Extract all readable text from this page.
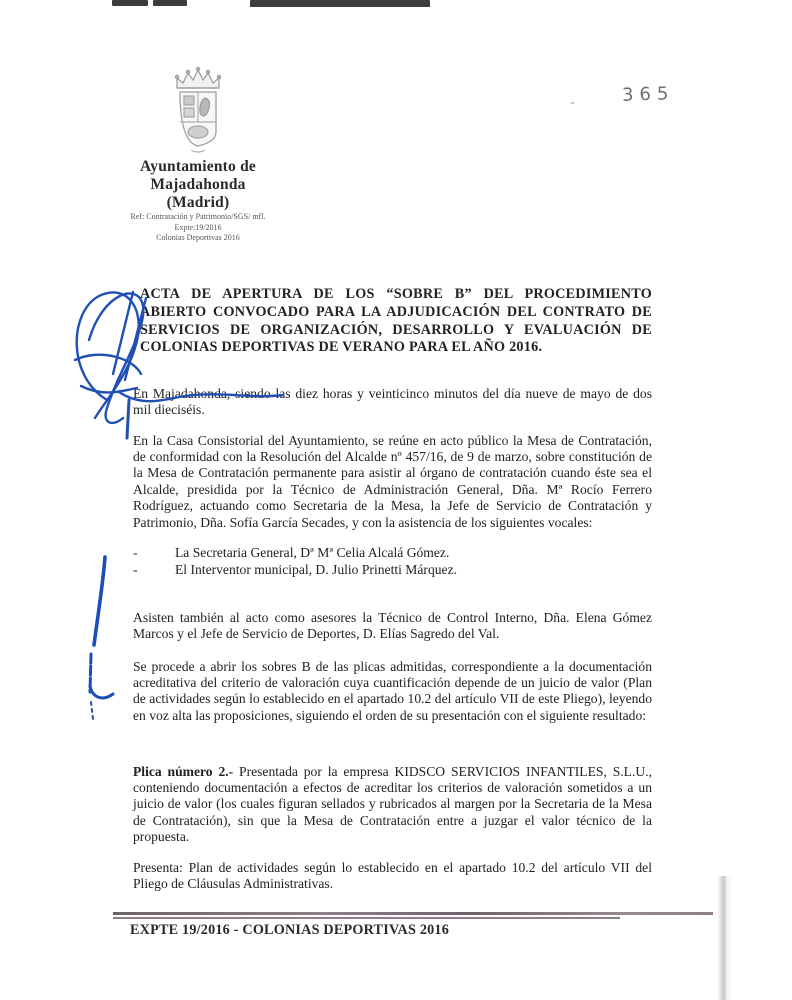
-	365
Ayuntamiento de
Majadahonda
(Madrid)
Ref: Contratación y Patrimonio/SGS/ mfl.
Expte:19/2016
Colonias Deportivas 2016
ACTA DE APERTURA DE LOS “SOBRE B” DEL PROCEDIMIENTO ABIERTO CONVOCADO PARA LA ADJUDICACIÓN DEL CONTRATO DE SERVICIOS DE ORGANIZACIÓN, DESARROLLO Y EVALUACIÓN DE COLONIAS DEPORTIVAS DE VERANO PARA EL AÑO 2016.

En Majadahonda, siendo las diez horas y veinticinco minutos del día nueve de mayo de dos mil dieciséis.

En la Casa Consistorial del Ayuntamiento, se reúne en acto público la Mesa de Contratación, de conformidad con la Resolución del Alcalde nº 457/16, de 9 de marzo, sobre constitución de la Mesa de Contratación permanente para asistir al órgano de contratación cuando éste sea el Alcalde, presidida por la Técnico de Administración General, Dña. Mª Rocío Ferrero Rodríguez, actuando como Secretaria de la Mesa, la Jefe de Servicio de Contratación y Patrimonio, Dña. Sofía García Secades, y con la asistencia de los siguientes vocales:

-	La Secretaria General, Dª Mª Celia Alcalá Gómez.
-	El Interventor municipal, D. Julio Prinetti Márquez.

Asisten también al acto como asesores la Técnico de Control Interno, Dña. Elena Gómez Marcos y el Jefe de Servicio de Deportes, D. Elías Sagredo del Val.

Se procede a abrir los sobres B de las plicas admitidas, correspondiente a la documentación acreditativa del criterio de valoración cuya cuantificación depende de un juicio de valor (Plan de actividades según lo establecido en el apartado 10.2 del artículo VII de este Pliego), leyendo en voz alta las proposiciones, siguiendo el orden de su presentación con el siguiente resultado:

Plica número 2.- Presentada por la empresa KIDSCO SERVICIOS INFANTILES, S.L.U., conteniendo documentación a efectos de acreditar los criterios de valoración sometidos a un juicio de valor (los cuales figuran sellados y rubricados al margen por la Secretaria de la Mesa de Contratación), sin que la Mesa de Contratación entre a juzgar el valor técnico de la propuesta.

Presenta: Plan de actividades según lo establecido en el apartado 10.2 del artículo VII del Pliego de Cláusulas Administrativas.

EXPTE 19/2016 - COLONIAS DEPORTIVAS 2016
